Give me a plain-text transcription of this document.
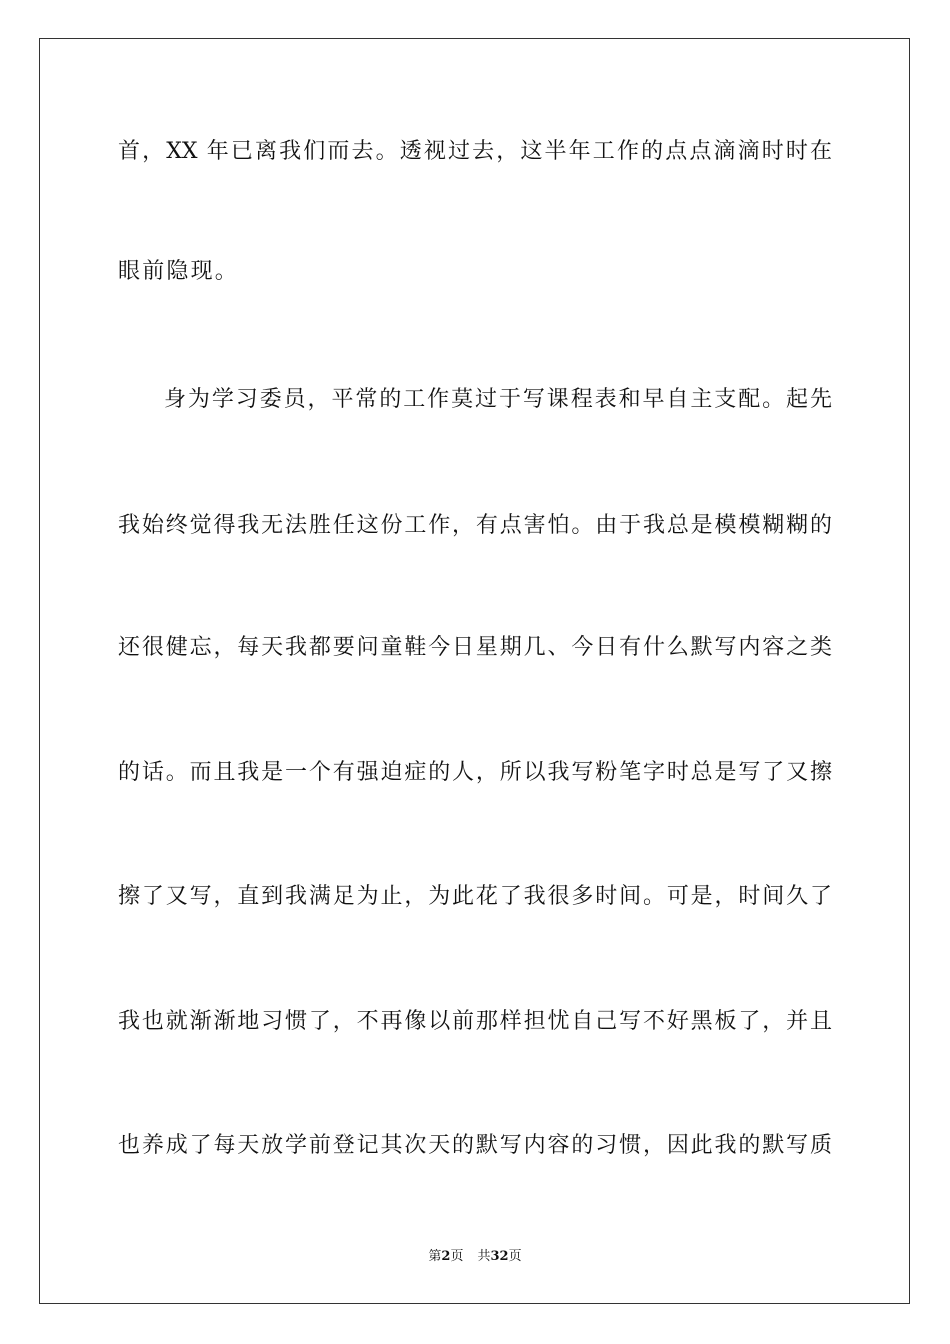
首，XX 年已离我们而去。透视过去，这半年工作的点点滴滴时时在
眼前隐现。
身为学习委员，平常的工作莫过于写课程表和早自主支配。起先
我始终觉得我无法胜任这份工作，有点害怕。由于我总是模模糊糊的
还很健忘，每天我都要问童鞋今日星期几、今日有什么默写内容之类
的话。而且我是一个有强迫症的人，所以我写粉笔字时总是写了又擦
擦了又写，直到我满足为止，为此花了我很多时间。可是，时间久了
我也就渐渐地习惯了，不再像以前那样担忧自己写不好黑板了，并且
也养成了每天放学前登记其次天的默写内容的习惯，因此我的默写质
第2页 共32页
